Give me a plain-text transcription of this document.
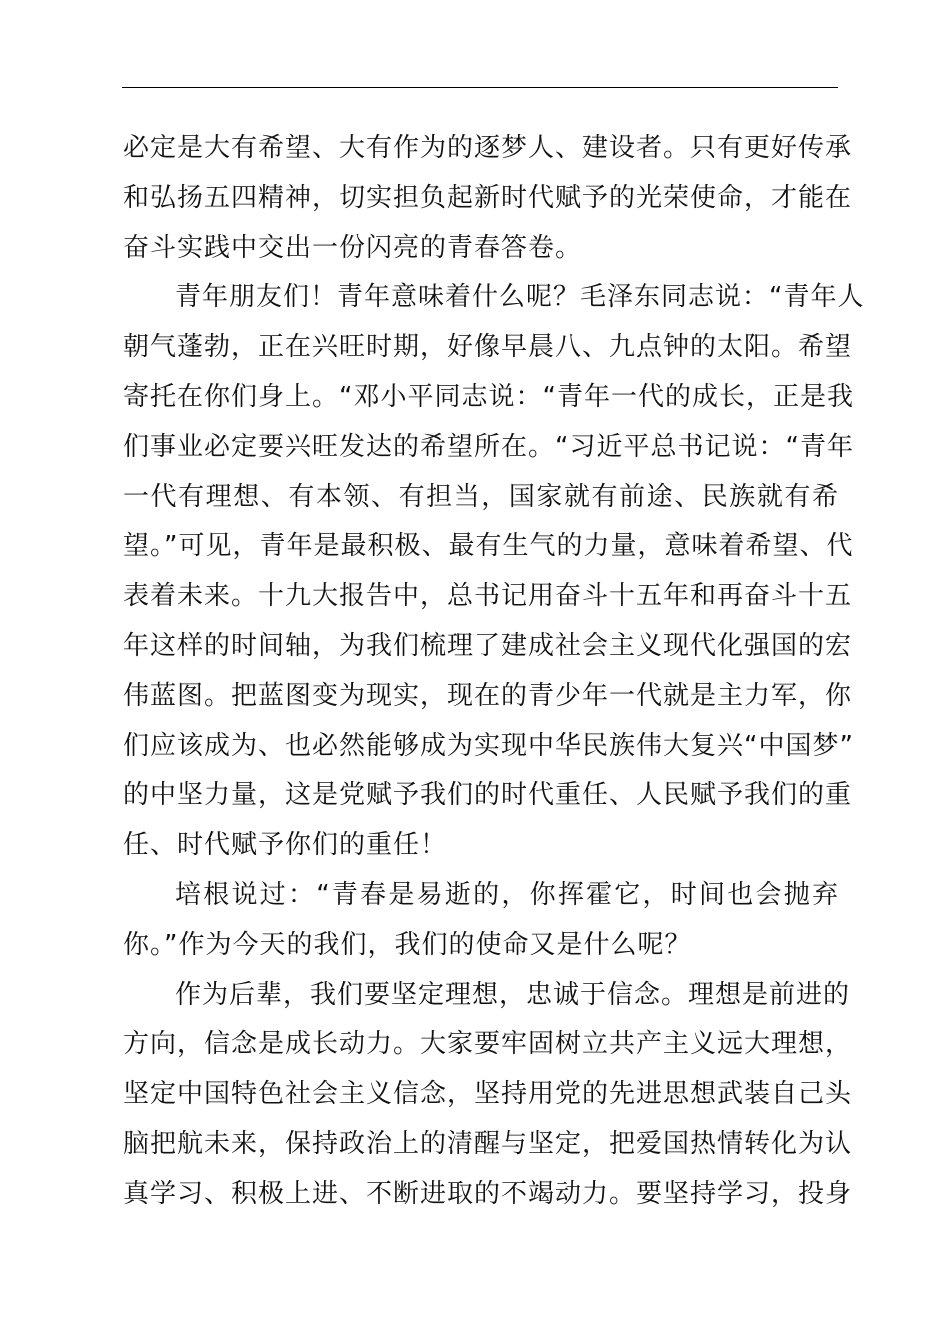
必定是大有希望、大有作为的逐梦人、建设者。只有更好传承
和弘扬五四精神，切实担负起新时代赋予的光荣使命，才能在
奋斗实践中交出一份闪亮的青春答卷。
青年朋友们！青年意味着什么呢？毛泽东同志说：“青年人
朝气蓬勃，正在兴旺时期，好像早晨八、九点钟的太阳。希望
寄托在你们身上。“邓小平同志说：“青年一代的成长，正是我
们事业必定要兴旺发达的希望所在。“习近平总书记说：“青年
一代有理想、有本领、有担当，国家就有前途、民族就有希
望。”可见，青年是最积极、最有生气的力量，意味着希望、代
表着未来。十九大报告中，总书记用奋斗十五年和再奋斗十五
年这样的时间轴，为我们梳理了建成社会主义现代化强国的宏
伟蓝图。把蓝图变为现实，现在的青少年一代就是主力军，你
们应该成为、也必然能够成为实现中华民族伟大复兴“中国梦”
的中坚力量，这是党赋予我们的时代重任、人民赋予我们的重
任、时代赋予你们的重任！
培根说过：“青春是易逝的，你挥霍它，时间也会抛弃
你。”作为今天的我们，我们的使命又是什么呢？
作为后辈，我们要坚定理想，忠诚于信念。理想是前进的
方向，信念是成长动力。大家要牢固树立共产主义远大理想，
坚定中国特色社会主义信念，坚持用党的先进思想武装自己头
脑把航未来，保持政治上的清醒与坚定，把爱国热情转化为认
真学习、积极上进、不断进取的不竭动力。要坚持学习，投身
